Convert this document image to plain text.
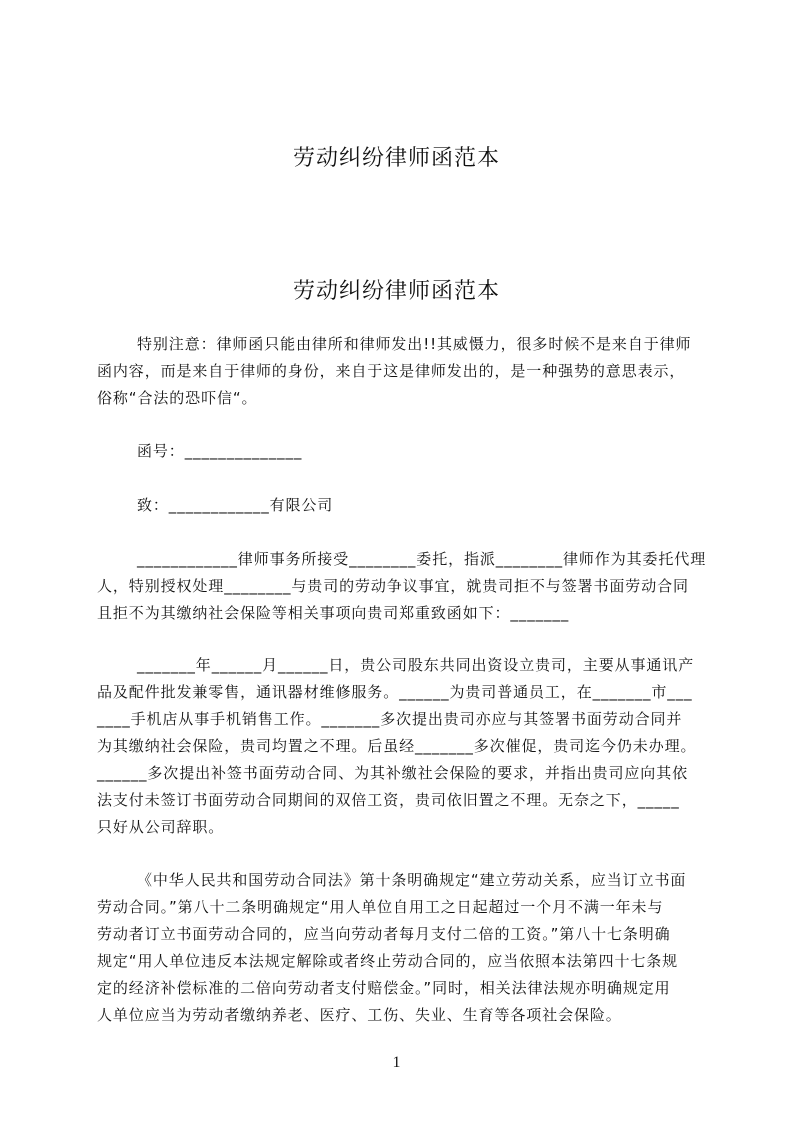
劳动纠纷律师函范本
劳动纠纷律师函范本
特别注意：律师函只能由律所和律师发出!!其威慑力，很多时候不是来自于律师
函内容，而是来自于律师的身份，来自于这是律师发出的，是一种强势的意思表示，
俗称“合法的恐吓信“。
函号：______________
致：____________有限公司
____________律师事务所接受________委托，指派________律师作为其委托代理
人，特别授权处理________与贵司的劳动争议事宜，就贵司拒不与签署书面劳动合同
且拒不为其缴纳社会保险等相关事项向贵司郑重致函如下：_______
_______年______月______日，贵公司股东共同出资设立贵司，主要从事通讯产
品及配件批发兼零售，通讯器材维修服务。______为贵司普通员工，在_______市___
____手机店从事手机销售工作。_______多次提出贵司亦应与其签署书面劳动合同并
为其缴纳社会保险，贵司均置之不理。后虽经_______多次催促，贵司迄今仍未办理。
______多次提出补签书面劳动合同、为其补缴社会保险的要求，并指出贵司应向其依
法支付未签订书面劳动合同期间的双倍工资，贵司依旧置之不理。无奈之下，_____
只好从公司辞职。
《中华人民共和国劳动合同法》第十条明确规定“建立劳动关系，应当订立书面
劳动合同。”第八十二条明确规定“用人单位自用工之日起超过一个月不满一年未与
劳动者订立书面劳动合同的，应当向劳动者每月支付二倍的工资。”第八十七条明确
规定“用人单位违反本法规定解除或者终止劳动合同的，应当依照本法第四十七条规
定的经济补偿标准的二倍向劳动者支付赔偿金。”同时，相关法律法规亦明确规定用
人单位应当为劳动者缴纳养老、医疗、工伤、失业、生育等各项社会保险。
1
